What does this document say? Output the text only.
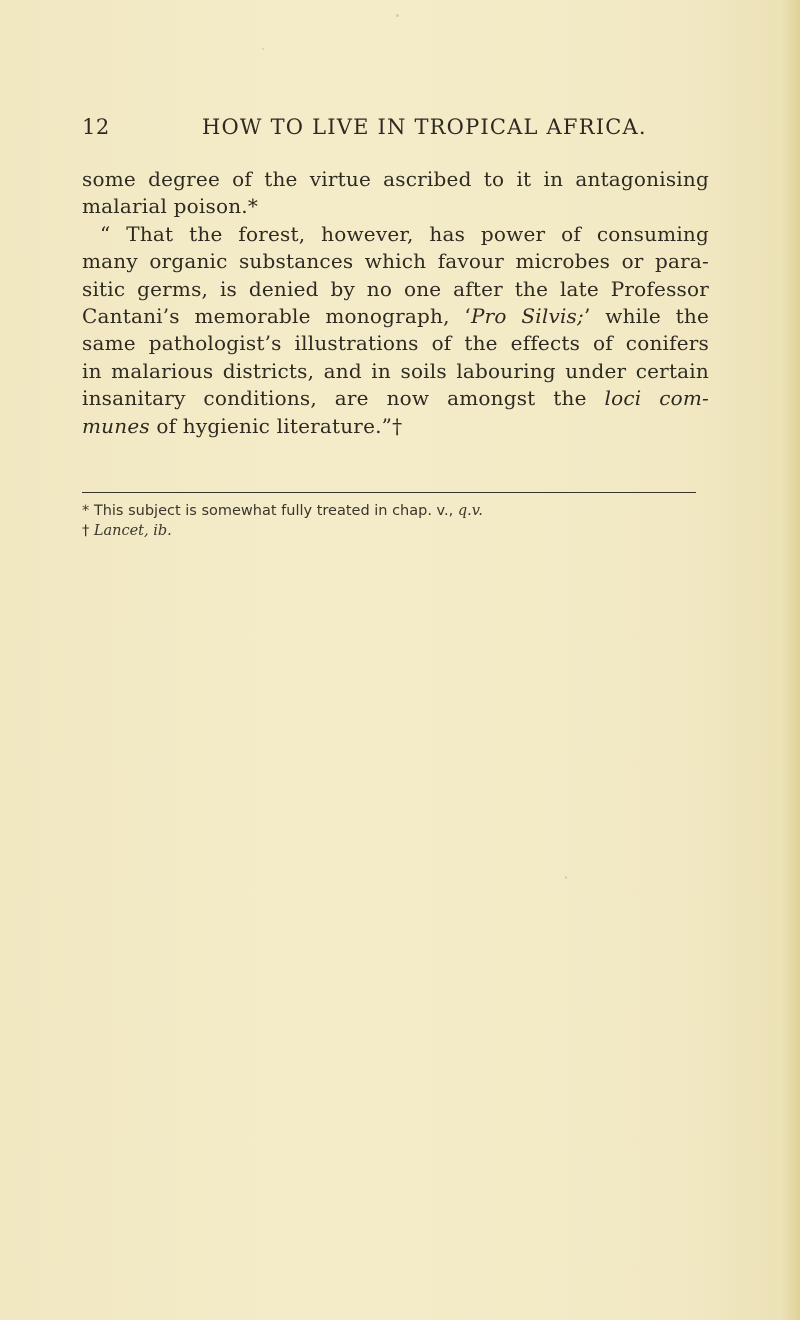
12	HOW TO LIVE IN TROPICAL AFRICA.
some degree of the virtue ascribed to it in antagonising
malarial poison.*
“ That the forest, however, has power of consuming
many organic substances which favour microbes or para-
sitic germs, is denied by no one after the late Professor
Cantani’s memorable monograph, ‘Pro Silvis;’ while the
same pathologist’s illustrations of the effects of conifers
in malarious districts, and in soils labouring under certain
insanitary conditions, are now amongst the loci com-
munes of hygienic literature.”†
* This subject is somewhat fully treated in chap. v., q.v.
† Lancet, ib.
